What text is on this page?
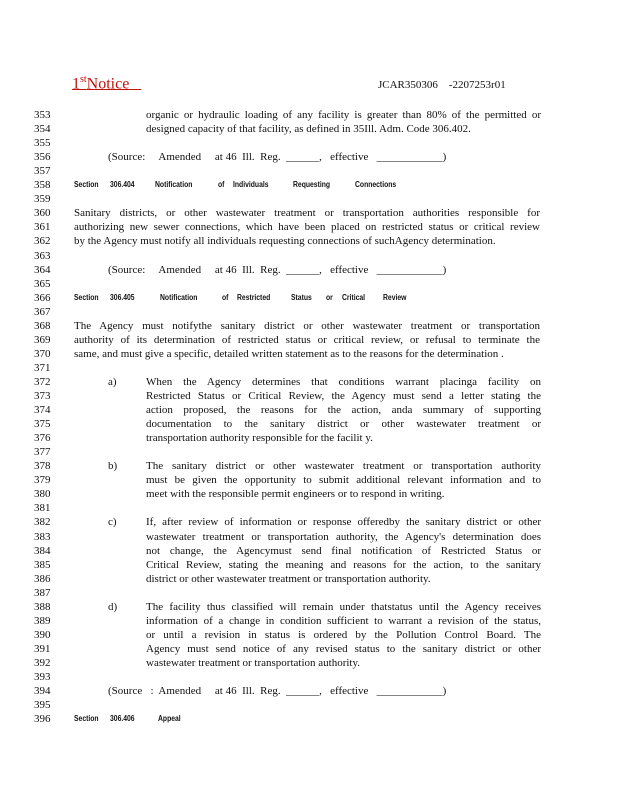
1stNotice	JCAR350306    -2207253r01
353	organic or hydraulic loading of any facility is greater than 80% of the permitted or
354	designed capacity of that facility, as defined in 35Ill. Adm. Code 306.402.
355
356	(Source:     Amended     at 46  Ill.  Reg.  ______,   effective   ____________)
357
358	Section 306.404	Notification	of Individuals	Requesting	Connections
359
360	Sanitary districts, or other wastewater treatment or transportation authorities responsible for
361	authorizing new sewer connections, which have been placed on restricted status or critical review
362	by the Agency must notify all individuals requesting connections of suchAgency determination.
363
364	(Source:     Amended     at 46  Ill.  Reg.  ______,   effective   ____________)
365
366	Section 306.405	Notification	of Restricted	Status or Critical Review
367
368	The Agency must notifythe sanitary district or other wastewater treatment or transportation
369	authority of its determination of restricted status or critical review, or refusal to terminate the
370	same, and must give a specific, detailed written statement as to the reasons for the determination .
371
372	a)	When the Agency determines that conditions warrant placinga facility on
373	Restricted Status or Critical Review, the Agency must send a letter stating the
374	action proposed, the reasons for the action, anda summary of supporting
375	documentation to the sanitary district or other wastewater treatment or
376	transportation authority responsible for the facilit y.
377
378	b)	The sanitary district or other wastewater treatment or transportation authority
379	must be given the opportunity to submit additional relevant information and to
380	meet with the responsible permit engineers or to respond in writing.
381
382	c)	If, after review of information or response offeredby the sanitary district or other
383	wastewater treatment or transportation authority, the Agency's determination does
384	not change, the Agencymust send final notification of Restricted Status or
385	Critical Review, stating the meaning and reasons for the action, to the sanitary
386	district or other wastewater treatment or transportation authority.
387
388	d)	The facility thus classified will remain under thatstatus until the Agency receives
389	information of a change in condition sufficient to warrant a revision of the status,
390	or until a revision in status is ordered by the Pollution Control Board. The
391	Agency must send notice of any revised status to the sanitary district or other
392	wastewater treatment or transportation authority.
393
394	(Source   :  Amended     at 46  Ill.  Reg.  ______,   effective   ____________)
395
396	Section 306.406	Appeal
